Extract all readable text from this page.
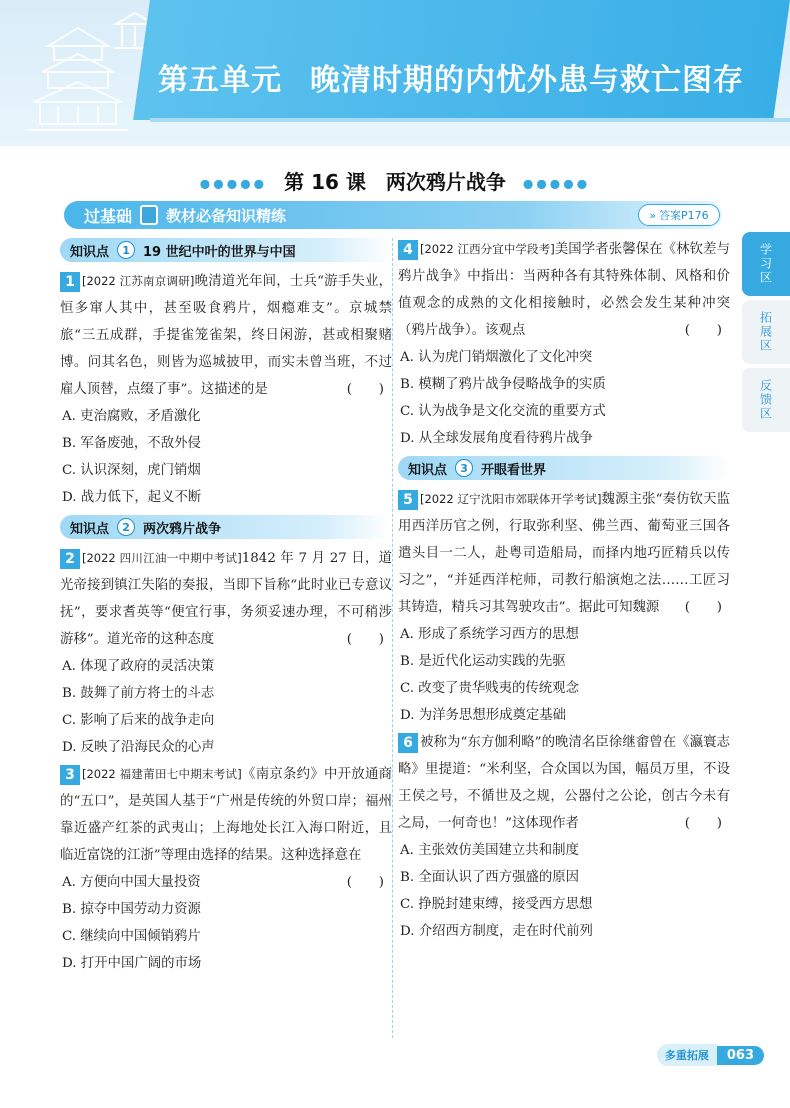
第五单元 晚清时期的内忧外患与救亡图存
●●●●● 第 16 课　两次鸦片战争 ●●●●●
过基础 教材必备知识精练	» 答案P176
知识点	1	19 世纪中叶的世界与中国
1 [2022 江苏南京调研]晚清道光年间，士兵“游手失业，恒多窜人其中，甚至吸食鸦片，烟瘾难支”。京城禁旅“三五成群，手提雀笼雀架，终日闲游，甚或相聚赌博。问其名色，则皆为巡城披甲，而实未曾当班，不过雇人顶替，点缀了事”。这描述的是	(　　)
A. 吏治腐败，矛盾激化
B. 军备废弛，不敌外侵
C. 认识深刻，虎门销烟
D. 战力低下，起义不断
知识点	2	两次鸦片战争
2 [2022 四川江油一中期中考试]1842 年 7 月 27 日，道光帝接到镇江失陷的奏报，当即下旨称“此时业已专意议抚”，要求耆英等“便宜行事，务须妥速办理，不可稍涉游移”。道光帝的这种态度	(　　)
A. 体现了政府的灵活决策
B. 鼓舞了前方将士的斗志
C. 影响了后来的战争走向
D. 反映了沿海民众的心声
3 [2022 福建莆田七中期末考试]《南京条约》中开放通商的“五口”，是英国人基于“广州是传统的外贸口岸；福州靠近盛产红茶的武夷山；上海地处长江入海口附近，且临近富饶的江浙”等理由选择的结果。这种选择意在
(　　)
A. 方便向中国大量投资
B. 掠夺中国劳动力资源
C. 继续向中国倾销鸦片
D. 打开中国广阔的市场
4 [2022 江西分宜中学段考]美国学者张馨保在《林钦差与鸦片战争》中指出：当两种各有其特殊体制、风格和价值观念的成熟的文化相接触时，必然会发生某种冲突（鸦片战争）。该观点	(　　)
A. 认为虎门销烟激化了文化冲突
B. 模糊了鸦片战争侵略战争的实质
C. 认为战争是文化交流的重要方式
D. 从全球发展角度看待鸦片战争
知识点	3	开眼看世界
5 [2022 辽宁沈阳市郊联体开学考试]魏源主张“奏仿钦天监用西洋历官之例，行取弥利坚、佛兰西、葡萄亚三国各遣头目一二人，赴粤司造船局，而择内地巧匠精兵以传习之”，“并延西洋柁师，司教行船演炮之法……工匠习其铸造，精兵习其驾驶攻击”。据此可知魏源 (　　)
A. 形成了系统学习西方的思想
B. 是近代化运动实践的先驱
C. 改变了贵华贱夷的传统观念
D. 为洋务思想形成奠定基础
6 被称为“东方伽利略”的晚清名臣徐继畬曾在《瀛寰志略》里提道：“米利坚，合众国以为国，幅员万里，不设王侯之号，不循世及之规，公器付之公论，创古今未有之局，一何奇也！”这体现作者	(　　)
A. 主张效仿美国建立共和制度
B. 全面认识了西方强盛的原因
C. 挣脱封建束缚，接受西方思想
D. 介绍西方制度，走在时代前列
学习区
拓展区
反馈区
多重拓展	063
